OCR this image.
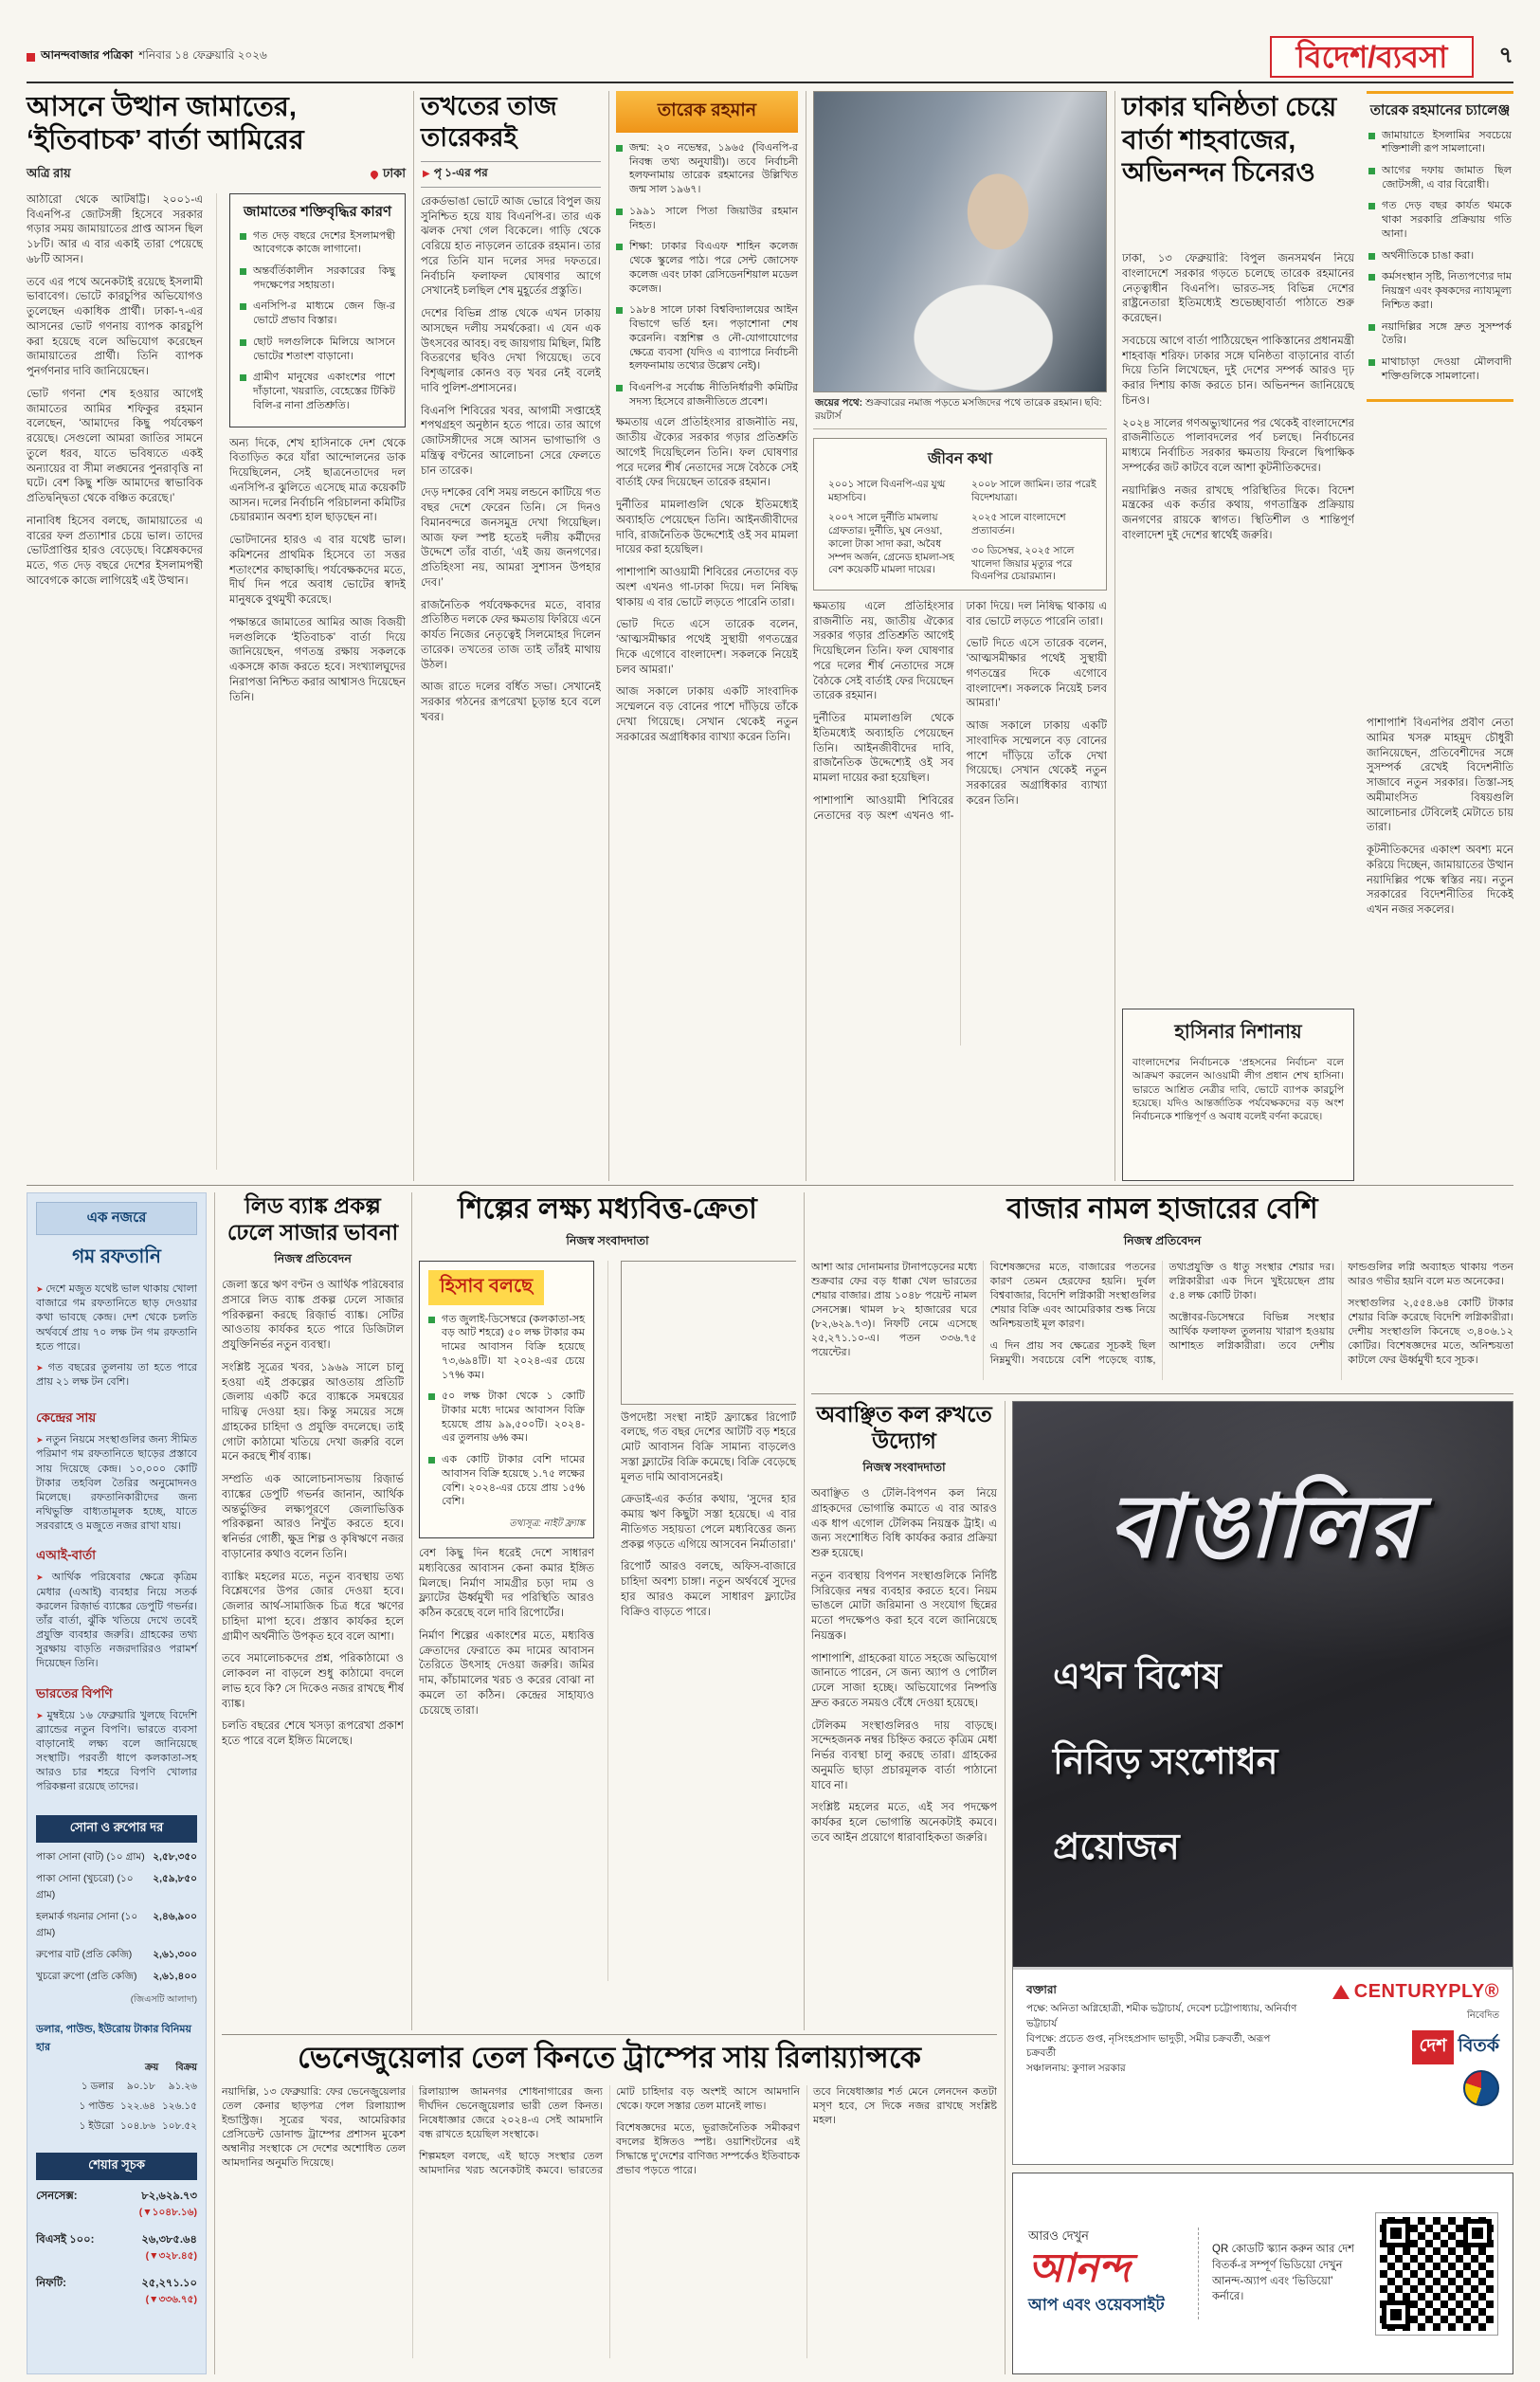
আনন্দবাজার পত্রিকা শনিবার ১৪ ফেব্রুয়ারি ২০২৬	বিদেশ/ব্যবসা	৭
আসনে উত্থান জামাতের, ‘ইতিবাচক’ বার্তা আমিরের
অত্রি রায়	ঢাকা

আঠারো থেকে আটষট্টি। ২০০১-এ বিএনপি-র জোটসঙ্গী হিসেবে সরকার গড়ার সময় জামায়াতের প্রাপ্ত আসন ছিল ১৮টি। আর এ বার একাই তারা পেয়েছে ৬৮টি আসন।

তবে এর পথে অনেকটাই রয়েছে ইসলামী ভাবাবেগ। ভোটে কারচুপির অভিযোগও তুলেছেন একাধিক প্রার্থী। ঢাকা-৭-এর আসনের ভোট গণনায় ব্যাপক কারচুপি করা হয়েছে বলে অভিযোগ করেছেন জামায়াতের প্রার্থী। তিনি ব্যাপক পুনর্গণনার দাবি জানিয়েছেন।

ভোট গণনা শেষ হওয়ার আগেই জামাতের আমির শফিকুর রহমান বলেছেন, ‘আমাদের কিছু পর্যবেক্ষণ রয়েছে। সেগুলো আমরা জাতির সামনে তুলে ধরব, যাতে ভবিষ্যতে একই অন্যায়ের বা সীমা লঙ্ঘনের পুনরাবৃত্তি না ঘটে। বেশ কিছু শক্তি আমাদের স্বাভাবিক প্রতিদ্বন্দ্বিতা থেকে বঞ্চিত করেছে।’

নানাবিধ হিসেব বলছে, জামায়াতের এ বারের ফল প্রত্যাশার চেয়ে ভাল। তাদের ভোটপ্রাপ্তির হারও বেড়েছে। বিশ্লেষকদের মতে, গত দেড় বছরে দেশের ইসলামপন্থী আবেগকে কাজে লাগিয়েই এই উত্থান।

জামাতের শক্তিবৃদ্ধির কারণ
গত দেড় বছরে দেশের ইসলামপন্থী আবেগকে কাজে লাগানো।
অন্তর্বর্তিকালীন সরকারের কিছু পদক্ষেপের সহায়তা।
এনসিপি-র মাধ্যমে জেন জ়ি-র ভোটে প্রভাব বিস্তার।
ছোট দলগুলিকে মিলিয়ে আসনে ভোটের শতাংশ বাড়ানো।
গ্রামীণ মানুষের একাংশের পাশে দাঁড়ানো, খয়রাতি, বেহেস্তের টিকিট বিলি-র নানা প্রতিশ্রুতি।

অন্য দিকে, শেখ হাসিনাকে দেশ থেকে বিতাড়িত করে যাঁরা আন্দোলনের ডাক দিয়েছিলেন, সেই ছাত্রনেতাদের দল এনসিপি-র ঝুলিতে এসেছে মাত্র কয়েকটি আসন। দলের নির্বাচনি পরিচালনা কমিটির চেয়ারম্যান অবশ্য হাল ছাড়ছেন না।

ভোটদানের হারও এ বার যথেষ্ট ভাল। কমিশনের প্রাথমিক হিসেবে তা সত্তর শতাংশের কাছাকাছি। পর্যবেক্ষকদের মতে, দীর্ঘ দিন পরে অবাধ ভোটের স্বাদই মানুষকে বুথমুখী করেছে।

পক্ষান্তরে জামাতের আমির আজ বিজয়ী দলগুলিকে ‘ইতিবাচক’ বার্তা দিয়ে জানিয়েছেন, গণতন্ত্র রক্ষায় সকলকে একসঙ্গে কাজ করতে হবে। সংখ্যালঘুদের নিরাপত্তা নিশ্চিত করার আশ্বাসও দিয়েছেন তিনি।

তখতের তাজ তারেকরই
▶ পৃ ১-এর পর

রেকর্ডভাঙা ভোটে আজ ভোরে বিপুল জয় সুনিশ্চিত হয়ে যায় বিএনপি-র। তার এক ঝলক দেখা গেল বিকেলে। গাড়ি থেকে বেরিয়ে হাত নাড়লেন তারেক রহমান। তার পরে তিনি যান দলের সদর দফতরে। নির্বাচনি ফলাফল ঘোষণার আগে সেখানেই চলছিল শেষ মুহূর্তের প্রস্তুতি।

দেশের বিভিন্ন প্রান্ত থেকে এখন ঢাকায় আসছেন দলীয় সমর্থকেরা। এ যেন এক উৎসবের আবহ। বহু জায়গায় মিছিল, মিষ্টি বিতরণের ছবিও দেখা গিয়েছে। তবে বিশৃঙ্খলার কোনও বড় খবর নেই বলেই দাবি পুলিশ-প্রশাসনের।

বিএনপি শিবিরের খবর, আগামী সপ্তাহেই শপথগ্রহণ অনুষ্ঠান হতে পারে। তার আগে জোটসঙ্গীদের সঙ্গে আসন ভাগাভাগি ও মন্ত্রিত্ব বণ্টনের আলোচনা সেরে ফেলতে চান তারেক।

দেড় দশকের বেশি সময় লন্ডনে কাটিয়ে গত বছর দেশে ফেরেন তিনি। সে দিনও বিমানবন্দরে জনসমুদ্র দেখা গিয়েছিল। আজ ফল স্পষ্ট হতেই দলীয় কর্মীদের উদ্দেশে তাঁর বার্তা, ‘এই জয় জনগণের। প্রতিহিংসা নয়, আমরা সুশাসন উপহার দেব।’

রাজনৈতিক পর্যবেক্ষকদের মতে, বাবার প্রতিষ্ঠিত দলকে ফের ক্ষমতায় ফিরিয়ে এনে কার্যত নিজের নেতৃত্বেই সিলমোহর দিলেন তারেক। তখতের তাজ তাই তাঁরই মাথায় উঠল।

আজ রাতে দলের বর্ধিত সভা। সেখানেই সরকার গঠনের রূপরেখা চূড়ান্ত হবে বলে খবর।

তারেক রহমান
জন্ম: ২০ নভেম্বর, ১৯৬৫ (বিএনপি-র নিবন্ধ তথ্য অনুযায়ী)। তবে নির্বাচনী হলফনামায় তারেক রহমানের উল্লিখিত জন্ম সাল ১৯৬৭।
১৯৯১ সালে পিতা জিয়াউর রহমান নিহত।
শিক্ষা: ঢাকার বিএএফ শাহিন কলেজ থেকে স্কুলের পাঠ। পরে সেন্ট জোসেফ কলেজ এবং ঢাকা রেসিডেনশিয়াল মডেল কলেজ।
১৯৮৪ সালে ঢাকা বিশ্ববিদ্যালয়ের আইন বিভাগে ভর্তি হন। পড়াশোনা শেষ করেননি। বস্ত্রশিল্প ও নৌ-যোগাযোগের ক্ষেত্রে ব্যবসা (যদিও এ ব্যাপারে নির্বাচনী হলফনামায় তথ্যের উল্লেখ নেই)।
বিএনপি-র সর্বোচ্চ নীতিনির্ধারণী কমিটির সদস্য হিসেবে রাজনীতিতে প্রবেশ।

ক্ষমতায় এলে প্রতিহিংসার রাজনীতি নয়, জাতীয় ঐক্যের সরকার গড়ার প্রতিশ্রুতি আগেই দিয়েছিলেন তিনি। ফল ঘোষণার পরে দলের শীর্ষ নেতাদের সঙ্গে বৈঠকে সেই বার্তাই ফের দিয়েছেন তারেক রহমান।

দুর্নীতির মামলাগুলি থেকে ইতিমধ্যেই অব্যাহতি পেয়েছেন তিনি। আইনজীবীদের দাবি, রাজনৈতিক উদ্দেশ্যেই ওই সব মামলা দায়ের করা হয়েছিল।

পাশাপাশি আওয়ামী শিবিরের নেতাদের বড় অংশ এখনও গা-ঢাকা দিয়ে। দল নিষিদ্ধ থাকায় এ বার ভোটে লড়তে পারেনি তারা।

ভোট দিতে এসে তারেক বলেন, ‘আত্মসমীক্ষার পথেই সুস্থায়ী গণতন্ত্রের দিকে এগোবে বাংলাদেশ। সকলকে নিয়েই চলব আমরা।’

আজ সকালে ঢাকায় একটি সাংবাদিক সম্মেলনে বড় বোনের পাশে দাঁড়িয়ে তাঁকে দেখা গিয়েছে। সেখান থেকেই নতুন সরকারের অগ্রাধিকার ব্যাখ্যা করেন তিনি।

জয়ের পথে: শুক্রবারের নমাজ পড়তে মসজিদের পথে তারেক রহমান। ছবি: রয়টার্স
জীবন কথা
২০০১ সালে বিএনপি-এর যুগ্ম মহাসচিব।
২০০৭ সালে দুর্নীতি মামলায় গ্রেফতার। দুর্নীতি, ঘুষ নেওয়া, কালো টাকা সাদা করা, অবৈধ সম্পদ অর্জন, গ্রেনেড হামলা-সহ বেশ কয়েকটি মামলা দায়ের।
২০০৮ সালে জামিন। তার পরেই বিদেশযাত্রা।
২০২৫ সালে বাংলাদেশে প্রত্যাবর্তন।
৩০ ডিসেম্বর, ২০২৫ সালে খালেদা জিয়ার মৃত্যুর পরে বিএনপির চেয়ারম্যান।

ক্ষমতায় এলে প্রতিহিংসার রাজনীতি নয়, জাতীয় ঐক্যের সরকার গড়ার প্রতিশ্রুতি আগেই দিয়েছিলেন তিনি। ফল ঘোষণার পরে দলের শীর্ষ নেতাদের সঙ্গে বৈঠকে সেই বার্তাই ফের দিয়েছেন তারেক রহমান।

দুর্নীতির মামলাগুলি থেকে ইতিমধ্যেই অব্যাহতি পেয়েছেন তিনি। আইনজীবীদের দাবি, রাজনৈতিক উদ্দেশ্যেই ওই সব মামলা দায়ের করা হয়েছিল।

পাশাপাশি আওয়ামী শিবিরের নেতাদের বড় অংশ এখনও গা-ঢাকা দিয়ে। দল নিষিদ্ধ থাকায় এ বার ভোটে লড়তে পারেনি তারা।

ভোট দিতে এসে তারেক বলেন, ‘আত্মসমীক্ষার পথেই সুস্থায়ী গণতন্ত্রের দিকে এগোবে বাংলাদেশ। সকলকে নিয়েই চলব আমরা।’

আজ সকালে ঢাকায় একটি সাংবাদিক সম্মেলনে বড় বোনের পাশে দাঁড়িয়ে তাঁকে দেখা গিয়েছে। সেখান থেকেই নতুন সরকারের অগ্রাধিকার ব্যাখ্যা করেন তিনি।

ঢাকার ঘনিষ্ঠতা চেয়ে বার্তা শাহবাজের, অভিনন্দন চিনেরও
তারেক রহমানের চ্যালেঞ্জ
জামায়াতে ইসলামির সবচেয়ে শক্তিশালী রূপ সামলানো।
আগের দফায় জামাত ছিল জোটসঙ্গী, এ বার বিরোধী।
গত দেড় বছর কার্যত থমকে থাকা সরকারি প্রক্রিয়ায় গতি আনা।
অর্থনীতিকে চাঙা করা।
কর্মসংস্থান সৃষ্টি, নিত্যপণ্যের দাম নিয়ন্ত্রণ এবং কৃষকদের ন্যায্যমূল্য নিশ্চিত করা।
নয়াদিল্লির সঙ্গে দ্রুত সুসম্পর্ক তৈরি।
মাথাচাড়া দেওয়া মৌলবাদী শক্তিগুলিকে সামলানো।

ঢাকা, ১৩ ফেব্রুয়ারি: বিপুল জনসমর্থন নিয়ে বাংলাদেশে সরকার গড়তে চলেছে তারেক রহমানের নেতৃত্বাধীন বিএনপি। ভারত-সহ বিভিন্ন দেশের রাষ্ট্রনেতারা ইতিমধ্যেই শুভেচ্ছাবার্তা পাঠাতে শুরু করেছেন।

সবচেয়ে আগে বার্তা পাঠিয়েছেন পাকিস্তানের প্রধানমন্ত্রী শাহবাজ় শরিফ। ঢাকার সঙ্গে ঘনিষ্ঠতা বাড়ানোর বার্তা দিয়ে তিনি লিখেছেন, দুই দেশের সম্পর্ক আরও দৃঢ় করার দিশায় কাজ করতে চান। অভিনন্দন জানিয়েছে চিনও।

২০২৪ সালের গণঅভ্যুত্থানের পর থেকেই বাংলাদেশের রাজনীতিতে পালাবদলের পর্ব চলছে। নির্বাচনের মাধ্যমে নির্বাচিত সরকার ক্ষমতায় ফিরলে দ্বিপাক্ষিক সম্পর্কের জট কাটবে বলে আশা কূটনীতিকদের।

নয়াদিল্লিও নজর রাখছে পরিস্থিতির দিকে। বিদেশ মন্ত্রকের এক কর্তার কথায়, গণতান্ত্রিক প্রক্রিয়ায় জনগণের রায়কে স্বাগত। স্থিতিশীল ও শান্তিপূর্ণ বাংলাদেশ দুই দেশের স্বার্থেই জরুরি।

হাসিনার নিশানায়
বাংলাদেশের নির্বাচনকে ‘প্রহসনের নির্বাচন’ বলে আক্রমণ করলেন আওয়ামী লীগ প্রধান শেখ হাসিনা। ভারতে আশ্রিত নেত্রীর দাবি, ভোটে ব্যাপক কারচুপি হয়েছে। যদিও আন্তর্জাতিক পর্যবেক্ষকদের বড় অংশ নির্বাচনকে শান্তিপূর্ণ ও অবাধ বলেই বর্ণনা করেছে।

পাশাপাশি বিএনপির প্রবীণ নেতা আমির খসরু মাহমুদ চৌধুরী জানিয়েছেন, প্রতিবেশীদের সঙ্গে সুসম্পর্ক রেখেই বিদেশনীতি সাজাবে নতুন সরকার। তিস্তা-সহ অমীমাংসিত বিষয়গুলি আলোচনার টেবিলেই মেটাতে চায় তারা।

কূটনীতিকদের একাংশ অবশ্য মনে করিয়ে দিচ্ছেন, জামায়াতের উত্থান নয়াদিল্লির পক্ষে স্বস্তির নয়। নতুন সরকারের বিদেশনীতির দিকেই এখন নজর সকলের।

এক নজরে
গম রফতানি
➤ দেশে মজুত যথেষ্ট ভাল থাকায় খোলা বাজারে গম রফতানিতে ছাড় দেওয়ার কথা ভাবছে কেন্দ্র। দেশ থেকে চলতি অর্থবর্ষে প্রায় ৭০ লক্ষ টন গম রফতানি হতে পারে।
➤ গত বছরের তুলনায় তা হতে পারে প্রায় ২১ লক্ষ টন বেশি।
কেন্দ্রের সায়
➤ নতুন নিয়মে সংস্থাগুলির জন্য সীমিত পরিমাণ গম রফতানিতে ছাড়ের প্রস্তাবে সায় দিয়েছে কেন্দ্র। ১০,০০০ কোটি টাকার তহবিল তৈরির অনুমোদনও মিলেছে। রফতানিকারীদের জন্য নথিভুক্তি বাধ্যতামূলক হচ্ছে, যাতে সরবরাহে ও মজুতে নজর রাখা যায়।
এআই-বার্তা
➤ আর্থিক পরিষেবার ক্ষেত্রে কৃত্রিম মেধার (এআই) ব্যবহার নিয়ে সতর্ক করলেন রিজ়ার্ভ ব্যাঙ্কের ডেপুটি গভর্নর। তাঁর বার্তা, ঝুঁকি খতিয়ে দেখে তবেই প্রযুক্তি ব্যবহার জরুরি। গ্রাহকের তথ্য সুরক্ষায় বাড়তি নজরদারিরও পরামর্শ দিয়েছেন তিনি।
ভারতের বিপণি
➤ মুম্বইয়ে ১৬ ফেব্রুয়ারি খুলছে বিদেশি ব্র্যান্ডের নতুন বিপণি। ভারতে ব্যবসা বাড়ানোই লক্ষ্য বলে জানিয়েছে সংস্থাটি। পরবর্তী ধাপে কলকাতা-সহ আরও চার শহরে বিপণি খোলার পরিকল্পনা রয়েছে তাদের।
সোনা ও রুপোর দর
পাকা সোনা (বাট) (১০ গ্রাম) ২,৫৮,৩৫০
পাকা সোনা (খুচরো) (১০ গ্রাম)
২,৫৯,৮৫০
হলমার্ক গয়নার সোনা (১০ গ্রাম)
২,৪৬,৯০০
রুপোর বাট (প্রতি কেজি) ২,৬১,৩০০
খুচরো রুপো (প্রতি কেজি) ২,৬১,৪০০
(জিএসটি আলাদা)
ডলার, পাউন্ড, ইউরোয় টাকার বিনিময় হার
ক্রয় বিক্রয়
১ ডলার	৯০.১৮	৯১.২৬
১ পাউন্ড ১২২.৬৪ ১২৬.১৫
১ ইউরো ১০৪.৮৬ ১০৮.৫২
শেয়ার সূচক
সেনসেক্স:	৮২,৬২৯.৭৩
(▼১০৪৮.১৬)
বিএসই ১০০:	২৬,৩৮৫.৬৪
(▼৩২৮.৪৫)
নিফটি:	২৫,২৭১.১০
(▼৩৩৬.৭৫)
লিড ব্যাঙ্ক প্রকল্প ঢেলে সাজার ভাবনা
নিজস্ব প্রতিবেদন

জেলা স্তরে ঋণ বণ্টন ও আর্থিক পরিষেবার প্রসারে লিড ব্যাঙ্ক প্রকল্প ঢেলে সাজার পরিকল্পনা করছে রিজ়ার্ভ ব্যাঙ্ক। সেটির আওতায় কার্যকর হতে পারে ডিজিটাল প্রযুক্তিনির্ভর নতুন ব্যবস্থা।

সংশ্লিষ্ট সূত্রের খবর, ১৯৬৯ সালে চালু হওয়া এই প্রকল্পের আওতায় প্রতিটি জেলায় একটি করে ব্যাঙ্ককে সমন্বয়ের দায়িত্ব দেওয়া হয়। কিন্তু সময়ের সঙ্গে গ্রাহকের চাহিদা ও প্রযুক্তি বদলেছে। তাই গোটা কাঠামো খতিয়ে দেখা জরুরি বলে মনে করছে শীর্ষ ব্যাঙ্ক।

সম্প্রতি এক আলোচনাসভায় রিজ়ার্ভ ব্যাঙ্কের ডেপুটি গভর্নর জানান, আর্থিক অন্তর্ভুক্তির লক্ষ্যপূরণে জেলাভিত্তিক পরিকল্পনা আরও নিখুঁত করতে হবে। স্বনির্ভর গোষ্ঠী, ক্ষুদ্র শিল্প ও কৃষিঋণে নজর বাড়ানোর কথাও বলেন তিনি।

ব্যাঙ্কিং মহলের মতে, নতুন ব্যবস্থায় তথ্য বিশ্লেষণের উপর জোর দেওয়া হবে। জেলার আর্থ-সামাজিক চিত্র ধরে ঋণের চাহিদা মাপা হবে। প্রস্তাব কার্যকর হলে গ্রামীণ অর্থনীতি উপকৃত হবে বলে আশা।

তবে সমালোচকদের প্রশ্ন, পরিকাঠামো ও লোকবল না বাড়লে শুধু কাঠামো বদলে লাভ হবে কি? সে দিকেও নজর রাখছে শীর্ষ ব্যাঙ্ক।

চলতি বছরের শেষে খসড়া রূপরেখা প্রকাশ হতে পারে বলে ইঙ্গিত মিলেছে।

শিল্পের লক্ষ্য মধ্যবিত্ত-ক্রেতা
নিজস্ব সংবাদদাতা
হিসাব বলছে
গত জুলাই-ডিসেম্বরে (কলকাতা-সহ বড় আট শহরে) ৫০ লক্ষ টাকার কম দামের আবাসন বিক্রি হয়েছে ৭৩,৬৯৪টি। যা ২০২৪-এর চেয়ে ১৭% কম।
৫০ লক্ষ টাকা থেকে ১ কোটি টাকার মধ্যে দামের আবাসন বিক্রি হয়েছে প্রায় ৯৯,৫০০টি। ২০২৪-এর তুলনায় ৬% কম।
এক কোটি টাকার বেশি দামের আবাসন বিক্রি হয়েছে ১.৭৫ লক্ষের বেশি। ২০২৪-এর চেয়ে প্রায় ১৫% বেশি।
তথ্যসূত্র: নাইট ফ্র্যাঙ্ক

বেশ কিছু দিন ধরেই দেশে সাধারণ মধ্যবিত্তের আবাসন কেনা কমার ইঙ্গিত মিলছে। নির্মাণ সামগ্রীর চড়া দাম ও ফ্ল্যাটের ঊর্ধ্বমুখী দর পরিস্থিতি আরও কঠিন করেছে বলে দাবি রিপোর্টের।

নির্মাণ শিল্পের একাংশের মতে, মধ্যবিত্ত ক্রেতাদের ফেরাতে কম দামের আবাসন তৈরিতে উৎসাহ দেওয়া জরুরি। জমির দাম, কাঁচামালের খরচ ও করের বোঝা না কমলে তা কঠিন। কেন্দ্রের সাহায্যও চেয়েছে তারা।

উপদেষ্টা সংস্থা নাইট ফ্র্যাঙ্কের রিপোর্ট বলছে, গত বছর দেশের আটটি বড় শহরে মোট আবাসন বিক্রি সামান্য বাড়লেও সস্তা ফ্ল্যাটের বিক্রি কমেছে। বিক্রি বেড়েছে মূলত দামি আবাসনেরই।

ক্রেডাই-এর কর্তার কথায়, ‘সুদের হার কমায় ঋণ কিছুটা সস্তা হয়েছে। এ বার নীতিগত সহায়তা পেলে মধ্যবিত্তের জন্য প্রকল্প গড়তে এগিয়ে আসবেন নির্মাতারা।’

রিপোর্ট আরও বলছে, অফিস-বাজারে চাহিদা অবশ্য চাঙ্গা। নতুন অর্থবর্ষে সুদের হার আরও কমলে সাধারণ ফ্ল্যাটের বিক্রিও বাড়তে পারে।

বাজার নামল হাজারের বেশি
নিজস্ব প্রতিবেদন

আশা আর দোনামনার টানাপড়েনের মধ্যে শুক্রবার ফের বড় ধাক্কা খেল ভারতের শেয়ার বাজার। প্রায় ১০৪৮ পয়েন্ট নামল সেনসেক্স। থামল ৮২ হাজারের ঘরে (৮২,৬২৯.৭৩)। নিফটি নেমে এসেছে ২৫,২৭১.১০-এ। পতন ৩৩৬.৭৫ পয়েন্টের।

বিশেষজ্ঞদের মতে, বাজারের পতনের কারণ তেমন হেরফের হয়নি। দুর্বল বিশ্ববাজার, বিদেশি লগ্নিকারী সংস্থাগুলির শেয়ার বিক্রি এবং আমেরিকার শুল্ক নিয়ে অনিশ্চয়তাই মূল কারণ।

এ দিন প্রায় সব ক্ষেত্রের সূচকই ছিল নিম্নমুখী। সবচেয়ে বেশি পড়েছে ব্যাঙ্ক, তথ্যপ্রযুক্তি ও ধাতু সংস্থার শেয়ার দর। লগ্নিকারীরা এক দিনে খুইয়েছেন প্রায় ৫.৪ লক্ষ কোটি টাকা।

অক্টোবর-ডিসেম্বরে বিভিন্ন সংস্থার আর্থিক ফলাফল তুলনায় খারাপ হওয়ায় আশাহত লগ্নিকারীরা। তবে দেশীয় ফান্ডগুলির লগ্নি অ‌ব্যাহত থাকায় পতন আরও গভীর হয়নি বলে মত অনেকের।

সংস্থাগুলির ২,৫৫৪.৬৪ কোটি টাকার শেয়ার বিক্রি করেছে বিদেশি লগ্নিকারীরা। দেশীয় সংস্থাগুলি কিনেছে ৩,৪০৬.১২ কোটির। বিশেষজ্ঞদের মতে, অনিশ্চয়তা কাটলে ফের ঊর্ধ্বমুখী হবে সূচক।

অবাঞ্ছিত কল রুখতে উদ্যোগ
নিজস্ব সংবাদদাতা

অবাঞ্ছিত ও টেলি-বিপণন কল নিয়ে গ্রাহকদের ভোগান্তি কমাতে এ বার আরও এক ধাপ এগোল টেলিকম নিয়ন্ত্রক ট্রাই। এ জন্য সংশোধিত বিধি কার্যকর করার প্রক্রিয়া শুরু হয়েছে।

নতুন ব্যবস্থায় বিপণন সংস্থাগুলিকে নির্দিষ্ট সিরিজ়ের নম্বর ব্যবহার করতে হবে। নিয়ম ভাঙলে মোটা জরিমানা ও সংযোগ ছিন্নের মতো পদক্ষেপও করা হবে বলে জানিয়েছে নিয়ন্ত্রক।

পাশাপাশি, গ্রাহকেরা যাতে সহজে অভিযোগ জানাতে পারেন, সে জন্য অ্যাপ ও পোর্টাল ঢেলে সাজা হচ্ছে। অভিযোগের নিষ্পত্তি দ্রুত করতে সময়ও বেঁধে দেওয়া হয়েছে।

টেলিকম সংস্থাগুলিরও দায় বাড়ছে। সন্দেহজনক নম্বর চিহ্নিত করতে কৃত্রিম মেধা নির্ভর ব্যবস্থা চালু করছে তারা। গ্রাহকের অনুমতি ছাড়া প্রচারমূলক বার্তা পাঠানো যাবে না।

সংশ্লিষ্ট মহলের মতে, এই সব পদক্ষেপ কার্যকর হলে ভোগান্তি অনেকটাই কমবে। তবে আইন প্রয়োগে ধারাবাহিকতা জরুরি।

বাঙালির
এখন বিশেষ
নিবিড় সংশোধন
প্রয়োজন
বক্তারা
পক্ষে: অনিতা অগ্নিহোত্রী, শমীক ভট্টাচার্য, দেবেশ চট্টোপাধ্যায়, অনির্বাণ ভট্টাচার্য
বিপক্ষে: প্রচেত গুপ্ত, নৃসিংহপ্রসাদ ভাদুড়ী, সমীর চক্রবর্তী, অরূপ চক্রবর্তী
সঞ্চালনায়: কুণাল সরকার
CENTURYPLY®
নিবেদিত
দেশ বিতর্ক
ভেনেজুয়েলার তেল কিনতে ট্রাম্পের সায় রিলায়্যান্সকে

নয়াদিল্লি, ১৩ ফেব্রুয়ারি: ফের ভেনেজ়ুয়েলার তেল কেনার ছাড়পত্র পেল রিলায়্যান্স ইন্ডাস্ট্রিজ়। সূত্রের খবর, আমেরিকার প্রেসিডেন্ট ডোনাল্ড ট্রাম্পের প্রশাসন মুকেশ অম্বানীর সংস্থাকে সে দেশের অশোধিত তেল আমদানির অনুমতি দিয়েছে।

রিলায়্যান্স জামনগর শোধনাগারের জন্য দীর্ঘদিন ভেনেজ়ুয়েলার ভারী তেল কিনত। নিষেধাজ্ঞার জেরে ২০২৪-এ সেই আমদানি বন্ধ রাখতে হয়েছিল সংস্থাকে।

শিল্পমহল বলছে, এই ছাড়ে সংস্থার তেল আমদানির খরচ অনেকটাই কমবে। ভারতের মোট চাহিদার বড় অংশই আসে আমদানি থেকে। ফলে সস্তার তেল মানেই লাভ।

বিশেষজ্ঞদের মতে, ভূরাজনৈতিক সমীকরণ বদলের ইঙ্গিতও স্পষ্ট। ওয়াশিংটনের এই সিদ্ধান্তে দু’দেশের বাণিজ্য সম্পর্কেও ইতিবাচক প্রভাব পড়তে পারে।

তবে নিষেধাজ্ঞার শর্ত মেনে লেনদেন কতটা মসৃণ হবে, সে দিকে নজর রাখছে সংশ্লিষ্ট মহল।

আরও দেখুন
আনন্দ
আপ এবং ওয়েবসাইট
QR কোডটি স্ক্যান করুন আর দেশ বিতর্ক-র সম্পূর্ণ ভিডিয়ো দেখুন আনন্দ-অ্যাপ এবং ‘ভিডিয়ো’ কর্নারে।
